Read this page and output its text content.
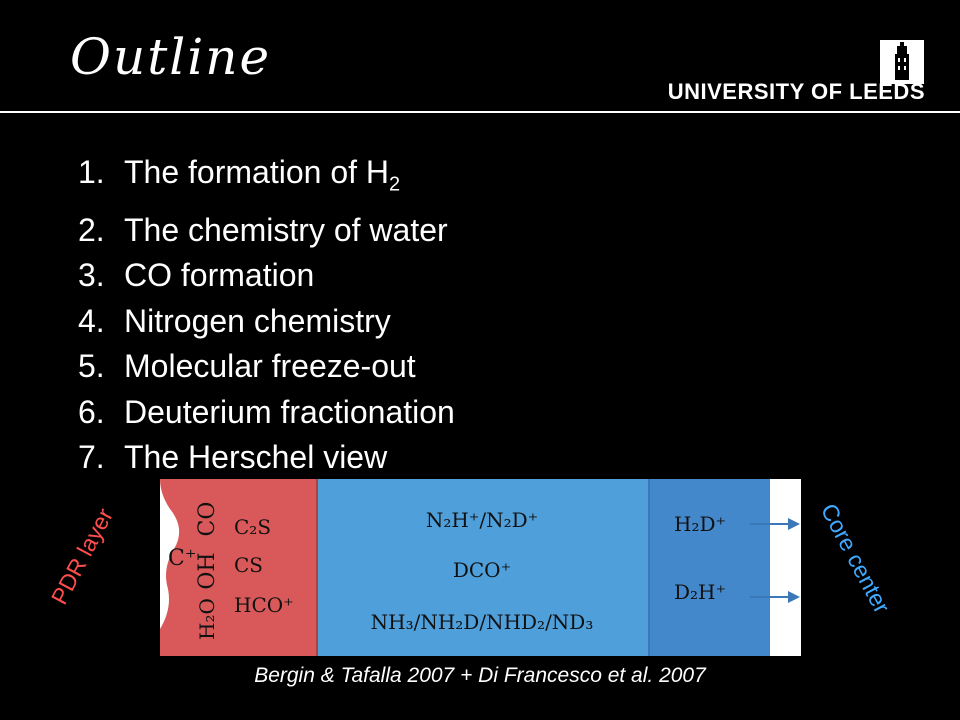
Outline
UNIVERSITY OF LEEDS
1. The formation of $H_2$
2. The chemistry of water
3. CO formation
4. Nitrogen chemistry
5. Molecular freeze-out
6. Deuterium fractionation
7. The Herschel view
PDR layer	Core center
CO
OH
H₂O
C⁺
C₂S
CS
HCO⁺
N₂H⁺/N₂D⁺
DCO⁺
NH₃/NH₂D/NHD₂/ND₃
H₂D⁺
D₂H⁺
Bergin & Tafalla 2007 + Di Francesco et al. 2007
